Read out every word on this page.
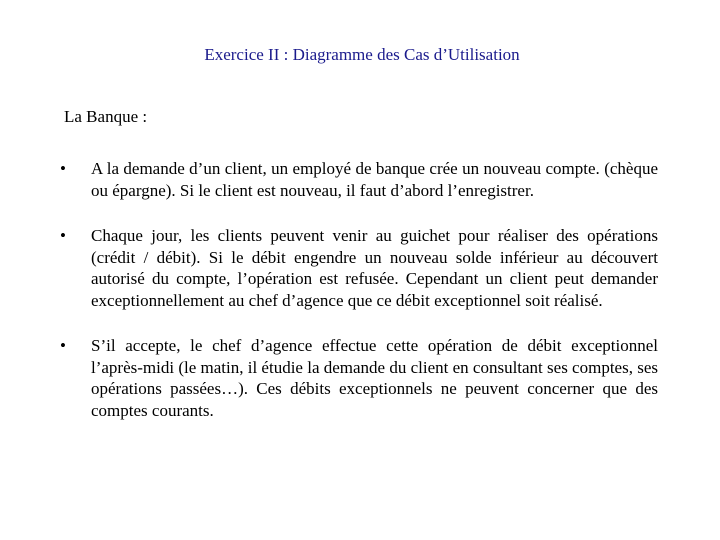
Exercice II : Diagramme des Cas d’Utilisation
La Banque :
• A la demande d’un client, un employé de banque crée un nouveau compte. (chèque ou épargne). Si le client est nouveau, il faut d’abord l’enregistrer.
• Chaque jour, les clients peuvent venir au guichet pour réaliser des opérations (crédit / débit). Si le débit engendre un nouveau solde inférieur au découvert autorisé du compte, l’opération est refusée. Cependant un client peut demander exceptionnellement au chef d’agence que ce débit exceptionnel soit réalisé.
• S’il accepte, le chef d’agence effectue cette opération de débit exceptionnel l’après-midi (le matin, il étudie la demande du client en consultant ses comptes, ses opérations passées…). Ces débits exceptionnels ne peuvent concerner que des comptes courants.
